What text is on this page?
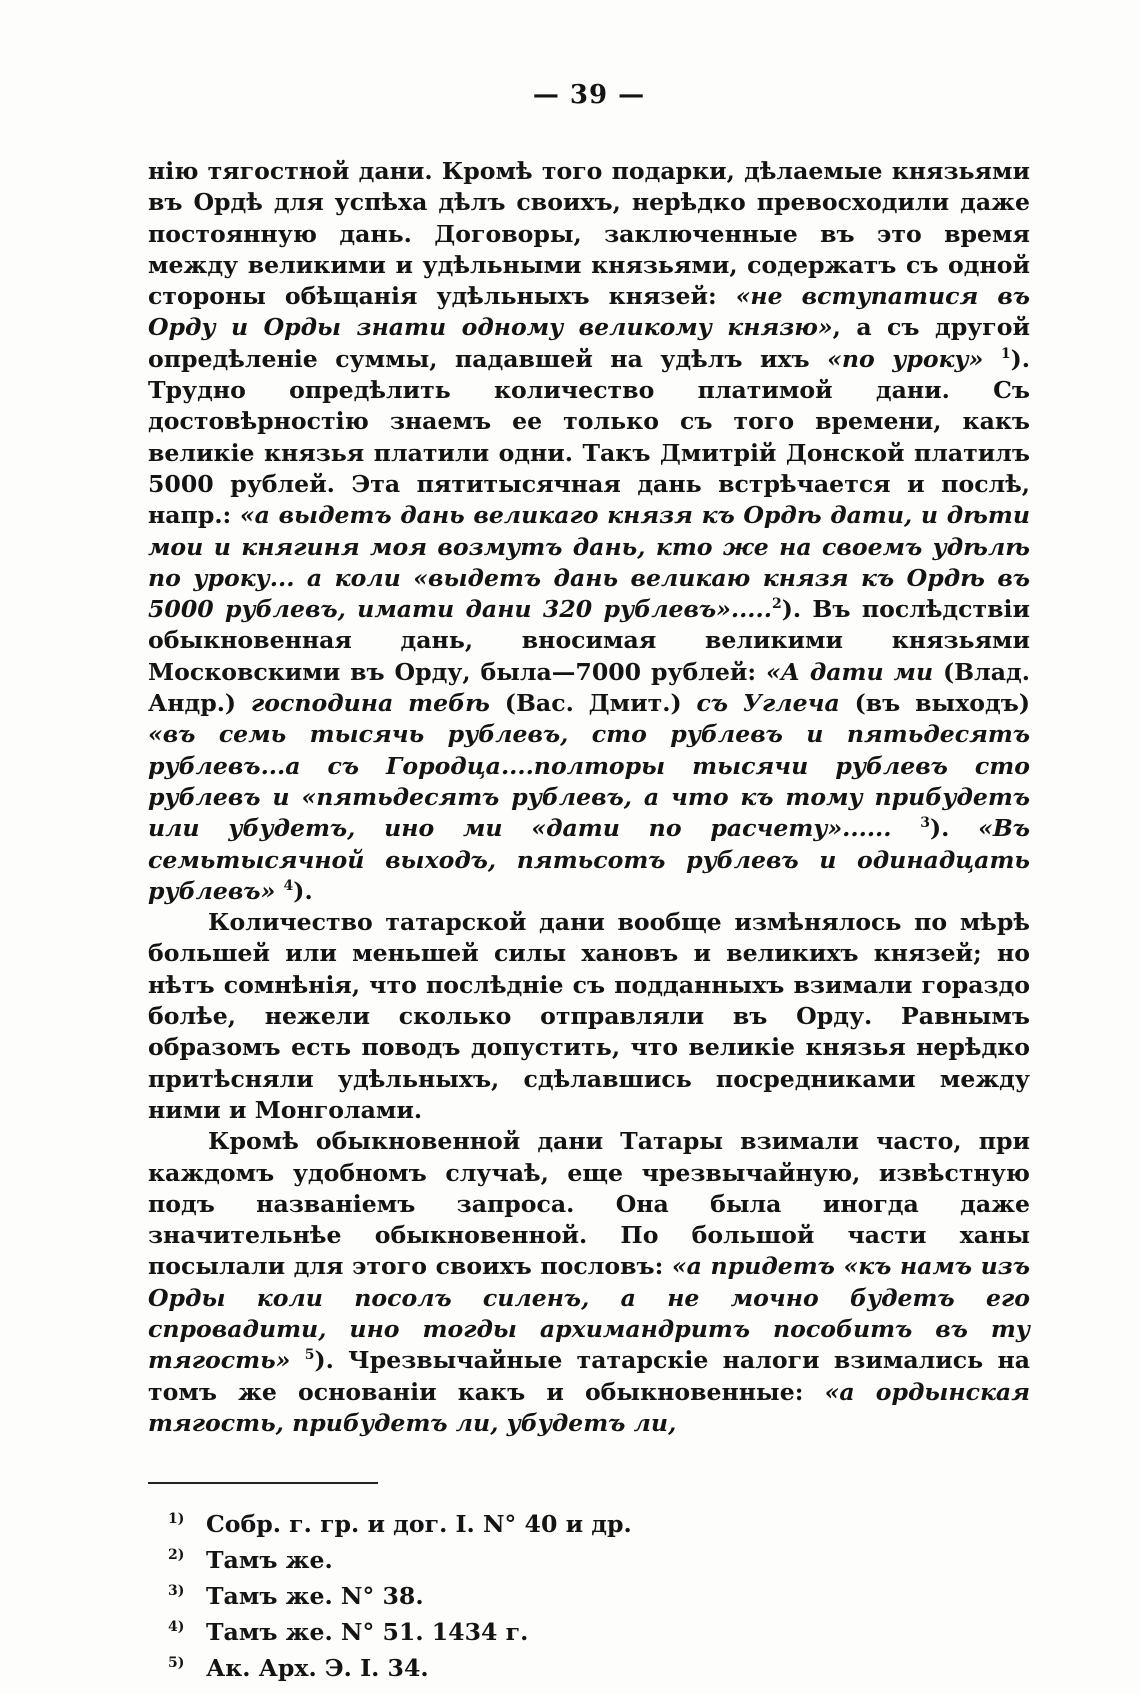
— 39 —

нію тягостной дани. Кромѣ того подарки, дѣлаемые князьями въ Ордѣ для успѣха дѣлъ своихъ, нерѣдко превосходили даже постоянную дань. Договоры, заключенные въ это время между великими и удѣльными князьями, содержатъ съ одной стороны обѣщанія удѣльныхъ князей: «не вступатися въ Орду и Орды знати одному великому князю», а съ другой опредѣленіе суммы, падавшей на удѣлъ ихъ «по уроку» $^1$). Трудно опредѣлить количество платимой дани. Съ достовѣрностію знаемъ ее только съ того времени, какъ великіе князья платили одни. Такъ Дмитрій Донской платилъ 5000 рублей. Эта пятитысячная дань встрѣчается и послѣ, напр.: «а выдетъ дань великаго князя къ Ордѣ дати, и дѣти мои и княгиня моя возмутъ дань, кто же на своемъ удѣлѣ по уроку... а коли «выдетъ дань великаю князя къ Ордѣ въ 5000 рублевъ, имати дани 320 рублевъ».....$^2$). Въ послѣдствіи обыкновенная дань, вносимая великими князьями Московскими въ Орду, была—7000 рублей: «А дати ми (Влад. Андр.) господина тебѣ (Вас. Дмит.) съ Углеча (въ выходъ) «въ семь тысячь рублевъ, сто рублевъ и пятьдесятъ рублевъ...а съ Городца....полторы тысячи рублевъ сто рублевъ и «пятьдесятъ рублевъ, а что къ тому прибудетъ или убудетъ, ино ми «дати по расчету»...... $^3$). «Въ семьтысячной выходъ, пятьсотъ рублевъ и одинадцать рублевъ» $^4$).

Количество татарской дани вообще измѣнялось по мѣрѣ большей или меньшей силы хановъ и великихъ князей; но нѣтъ сомнѣнія, что послѣдніе съ подданныхъ взимали гораздо болѣе, нежели сколько отправляли въ Орду. Равнымъ образомъ есть поводъ допустить, что великіе князья нерѣдко притѣсняли удѣльныхъ, сдѣлавшись посредниками между ними и Монголами.

Кромѣ обыкновенной дани Татары взимали часто, при каждомъ удобномъ случаѣ, еще чрезвычайную, извѣстную подъ названіемъ запроса. Она была иногда даже значительнѣе обыкновенной. По большой части ханы посылали для этого своихъ пословъ: «а придетъ «къ намъ изъ Орды коли посолъ силенъ, а не мочно будетъ его спровадити, ино тогды архимандритъ пособитъ въ ту тягость» $^5$). Чрезвычайные татарскіе налоги взимались на томъ же основаніи какъ и обыкновенные: «а ордынская тягость, прибудетъ ли, убудетъ ли,

1) Собр. г. гр. и дог. I. N° 40 и др.
2) Тамъ же.
3) Тамъ же. N° 38.
4) Тамъ же. N° 51. 1434 г.
5) Ак. Арх. Э. I. 34.
